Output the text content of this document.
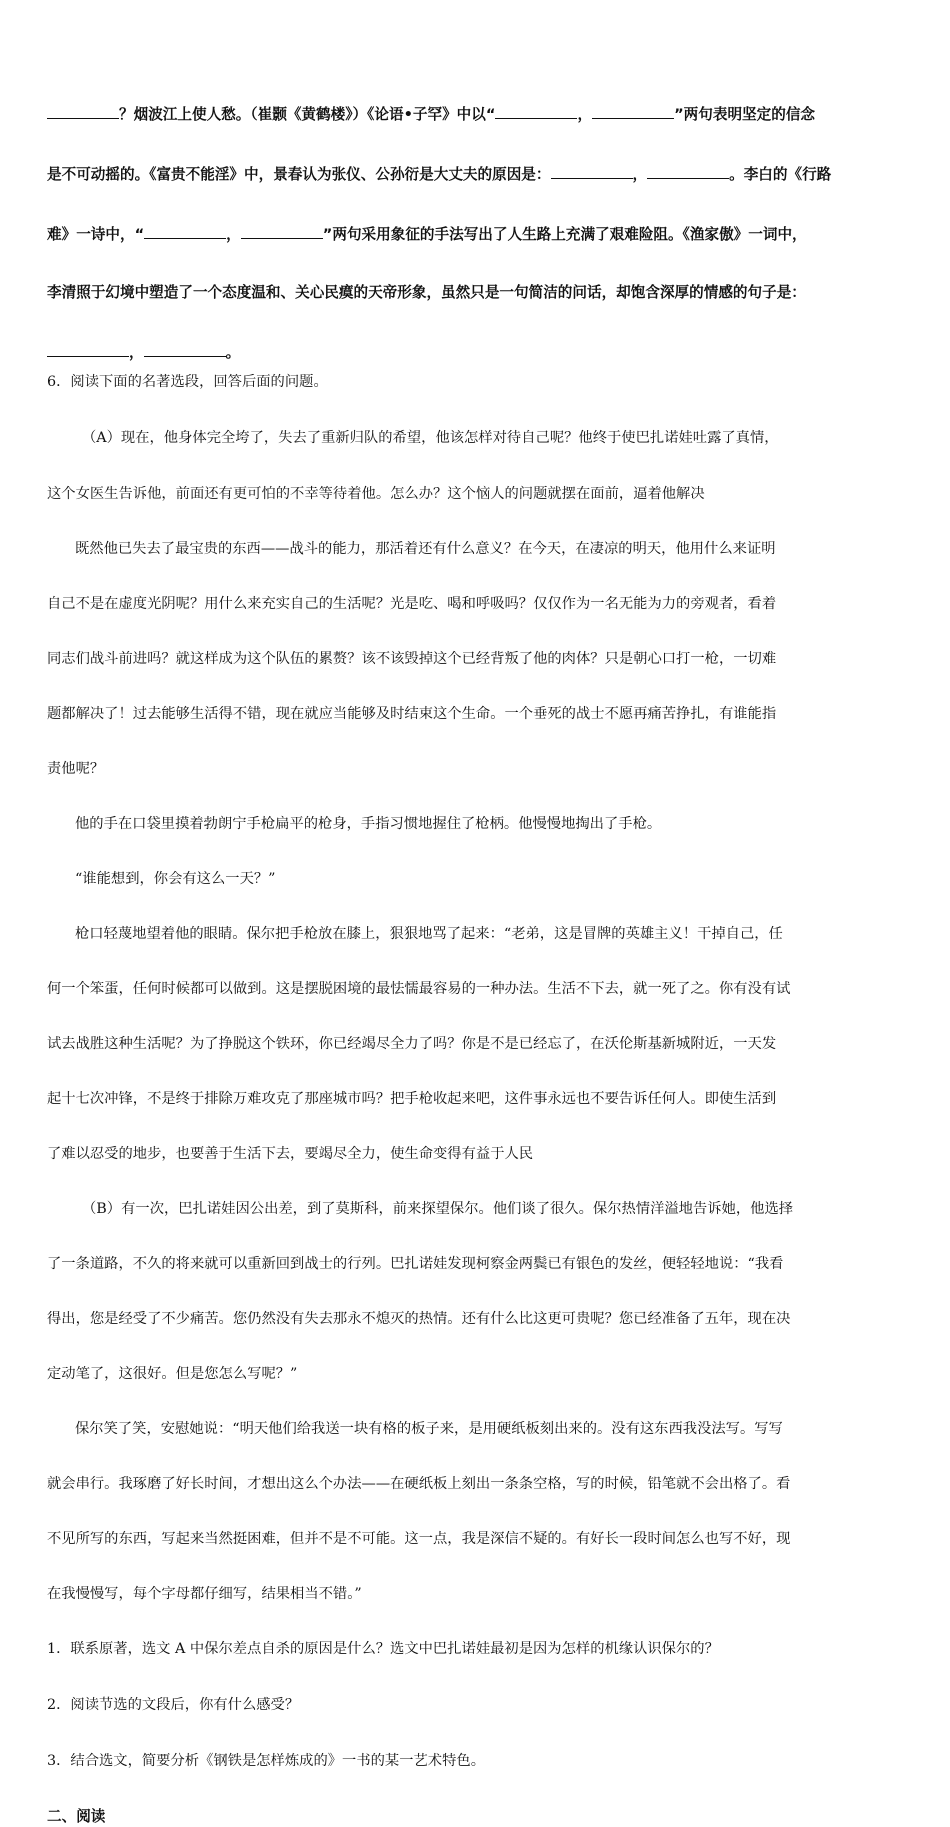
？烟波江上使人愁。（崔颢《黄鹤楼》）《论语•子罕》中以“	，	”两句表明坚定的信念
是不可动摇的。《富贵不能淫》中，景春认为张仪、公孙衍是大丈夫的原因是：	，	。李白的《行路
难》一诗中，“	，	”两句采用象征的手法写出了人生路上充满了艰难险阻。《渔家傲》一词中，
李清照于幻境中塑造了一个态度温和、关心民瘼的天帝形象，虽然只是一句简洁的问话，却饱含深厚的情感的句子是：
，	。
6．阅读下面的名著选段，回答后面的问题。
（A）现在，他身体完全垮了，失去了重新归队的希望，他该怎样对待自己呢？他终于使巴扎诺娃吐露了真情，
这个女医生告诉他，前面还有更可怕的不幸等待着他。怎么办？这个恼人的问题就摆在面前，逼着他解决
既然他已失去了最宝贵的东西——战斗的能力，那活着还有什么意义？在今天，在凄凉的明天，他用什么来证明
自己不是在虚度光阴呢？用什么来充实自己的生活呢？光是吃、喝和呼吸吗？仅仅作为一名无能为力的旁观者，看着
同志们战斗前进吗？就这样成为这个队伍的累赘？该不该毁掉这个已经背叛了他的肉体？只是朝心口打一枪，一切难
题都解决了！过去能够生活得不错，现在就应当能够及时结束这个生命。一个垂死的战士不愿再痛苦挣扎，有谁能指
责他呢？
他的手在口袋里摸着勃朗宁手枪扁平的枪身，手指习惯地握住了枪柄。他慢慢地掏出了手枪。
“谁能想到，你会有这么一天？”
枪口轻蔑地望着他的眼睛。保尔把手枪放在膝上，狠狠地骂了起来：“老弟，这是冒牌的英雄主义！干掉自己，任
何一个笨蛋，任何时候都可以做到。这是摆脱困境的最怯懦最容易的一种办法。生活不下去，就一死了之。你有没有试
试去战胜这种生活呢？为了挣脱这个铁环，你已经竭尽全力了吗？你是不是已经忘了，在沃伦斯基新城附近，一天发
起十七次冲锋，不是终于排除万难攻克了那座城市吗？把手枪收起来吧，这件事永远也不要告诉任何人。即使生活到
了难以忍受的地步，也要善于生活下去，要竭尽全力，使生命变得有益于人民
（B）有一次，巴扎诺娃因公出差，到了莫斯科，前来探望保尔。他们谈了很久。保尔热情洋溢地告诉她，他选择
了一条道路，不久的将来就可以重新回到战士的行列。巴扎诺娃发现柯察金两鬓已有银色的发丝，便轻轻地说：“我看
得出，您是经受了不少痛苦。您仍然没有失去那永不熄灭的热情。还有什么比这更可贵呢？您已经准备了五年，现在决
定动笔了，这很好。但是您怎么写呢？”
保尔笑了笑，安慰她说：“明天他们给我送一块有格的板子来，是用硬纸板刻出来的。没有这东西我没法写。写写
就会串行。我琢磨了好长时间，才想出这么个办法——在硬纸板上刻出一条条空格，写的时候，铅笔就不会出格了。看
不见所写的东西，写起来当然挺困难，但并不是不可能。这一点，我是深信不疑的。有好长一段时间怎么也写不好，现
在我慢慢写，每个字母都仔细写，结果相当不错。”
1．联系原著，选文 A 中保尔差点自杀的原因是什么？选文中巴扎诺娃最初是因为怎样的机缘认识保尔的？
2．阅读节选的文段后，你有什么感受？
3．结合选文，简要分析《钢铁是怎样炼成的》一书的某一艺术特色。
二、阅读
